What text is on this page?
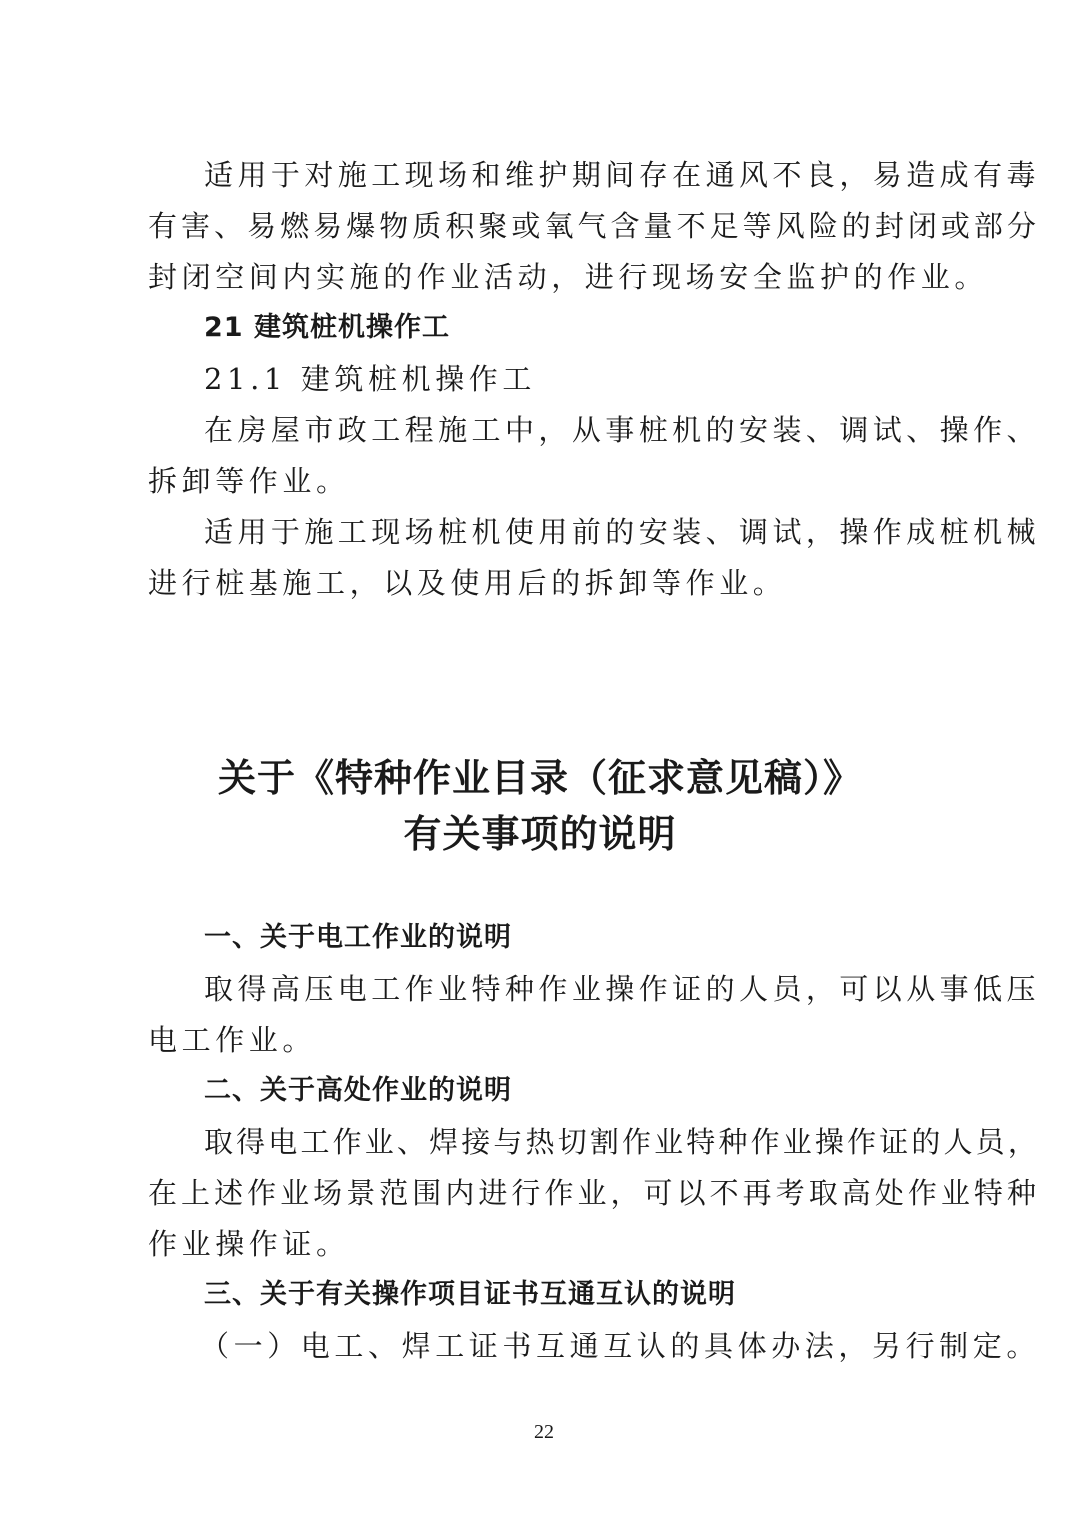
适用于对施工现场和维护期间存在通风不良，易造成有毒
有害、易燃易爆物质积聚或氧气含量不足等风险的封闭或部分
封闭空间内实施的作业活动，进行现场安全监护的作业。
21 建筑桩机操作工
21.1 建筑桩机操作工
在房屋市政工程施工中，从事桩机的安装、调试、操作、
拆卸等作业。
适用于施工现场桩机使用前的安装、调试，操作成桩机械
进行桩基施工，以及使用后的拆卸等作业。
关于《特种作业目录（征求意见稿）》
有关事项的说明
一、关于电工作业的说明
取得高压电工作业特种作业操作证的人员，可以从事低压
电工作业。
二、关于高处作业的说明
取得电工作业、焊接与热切割作业特种作业操作证的人员，
在上述作业场景范围内进行作业，可以不再考取高处作业特种
作业操作证。
三、关于有关操作项目证书互通互认的说明
（一）电工、焊工证书互通互认的具体办法，另行制定。
22
